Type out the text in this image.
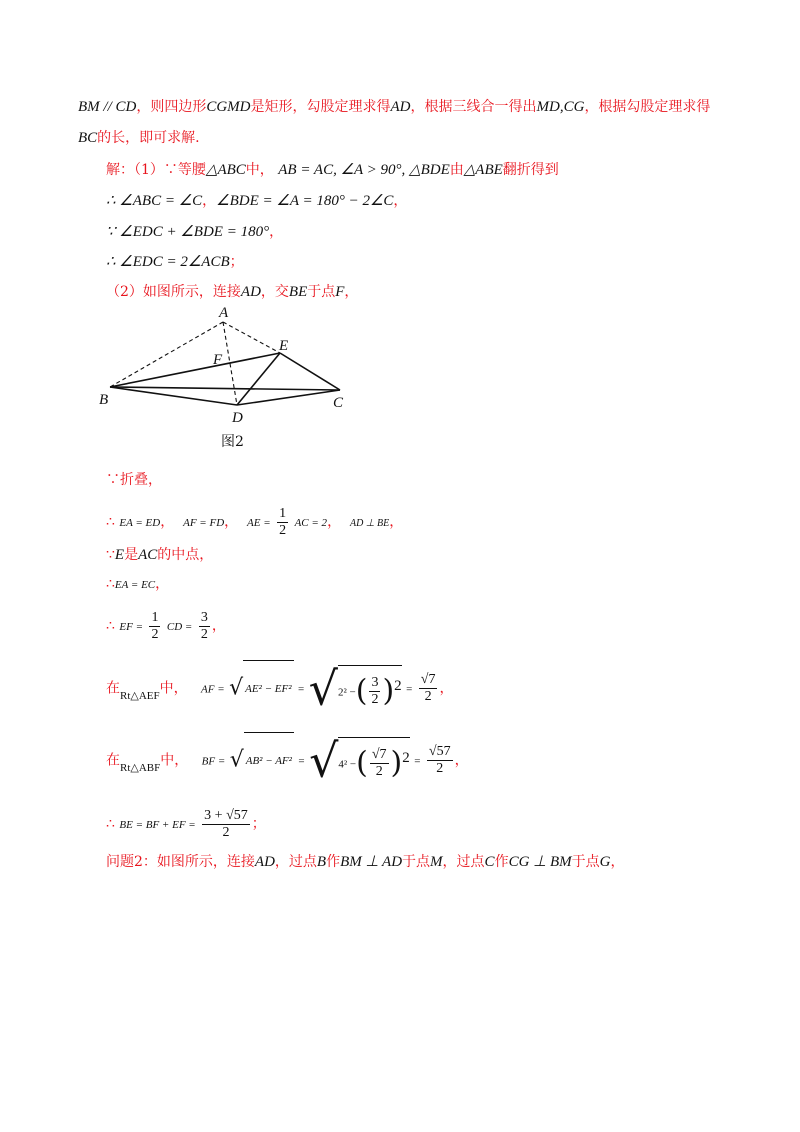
BM // CD，则四边形CGMD是矩形，勾股定理求得AD，根据三线合一得出MD,CG，根据勾股定理求得
BC的长，即可求解.
解：（1）∵等腰△ABC中， AB = AC, ∠A > 90°, △BDE由△ABE翻折得到
∴ ∠ABC = ∠C，∠BDE = ∠A = 180° − 2∠C，
∵ ∠EDC + ∠BDE = 180°，
∴ ∠EDC = 2∠ACB；
（2）如图所示，连接AD，交BE于点F，
A
E
F
B
D
C
图2
∵折叠，
∴ EA = ED， AF = FD， AE = $\frac{1}{2}$ AC = 2， AD ⊥ BE，
∵E是AC的中点，
∴EA = EC，
∴ EF = $\frac{1}{2}$ CD = $\frac{3}{2}$ ，
在$_{Rt\triangle AEF}$中， AF = √ AE² − EF² = √2² −( $\frac{3}{2} )^2 = \frac{√7}{2}$ ，
在$_{Rt\triangle ABF}$中， BF = √ AB² − AF² = √4² −( $\frac{√7}{2} )^2 = \frac{√57}{2}$ ，
∴ BE = BF + EF = $\frac{3 + √57}{2}$ ；
问题2：如图所示，连接AD，过点B作BM ⊥ AD于点M，过点C作CG ⊥ BM于点G，
